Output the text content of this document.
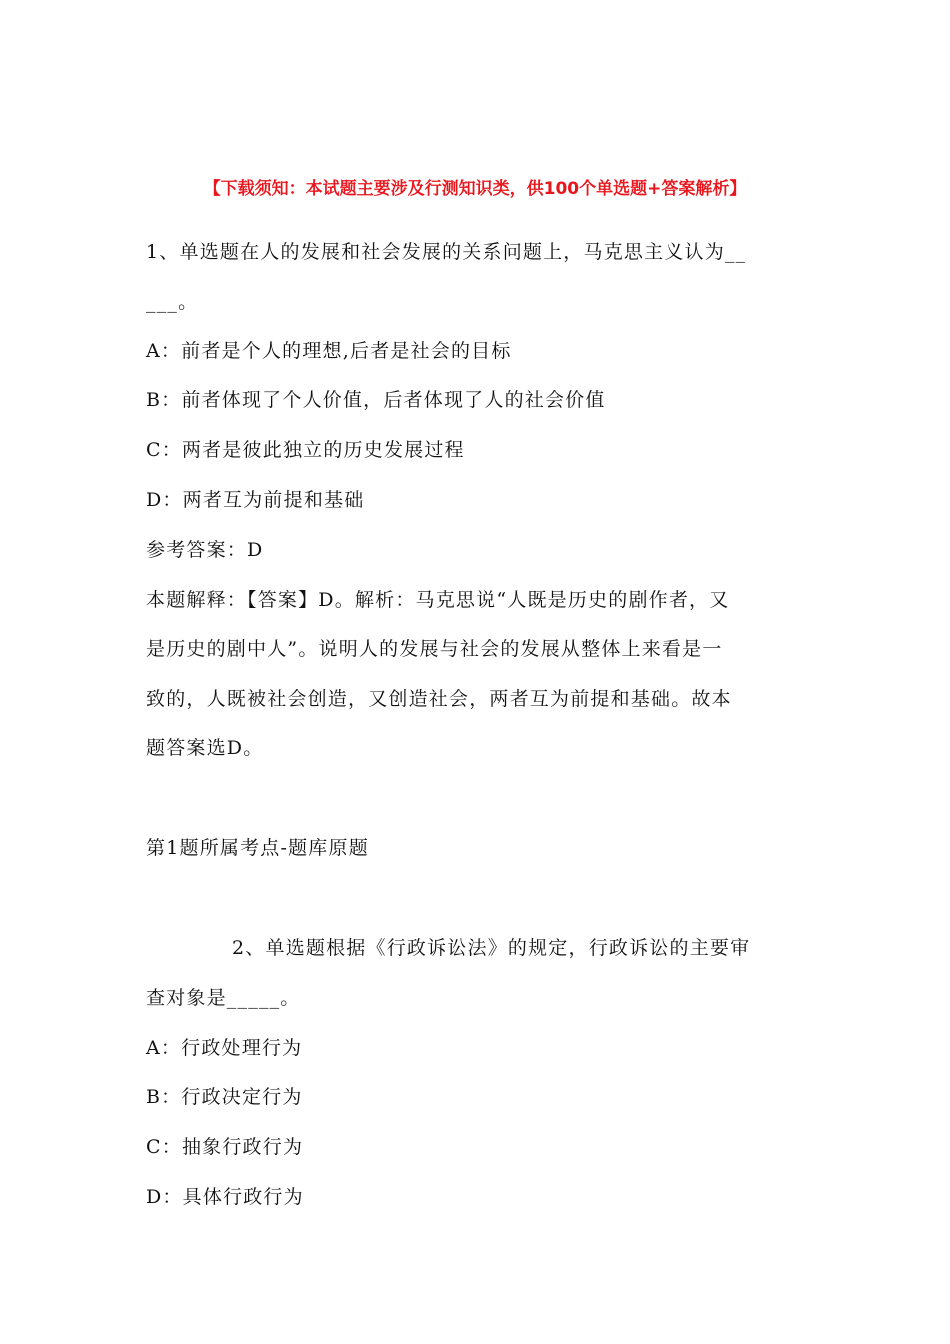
【下载须知：本试题主要涉及行测知识类，供100个单选题+答案解析】
1、单选题在人的发展和社会发展的关系问题上，马克思主义认为__
___。
A：前者是个人的理想,后者是社会的目标
B：前者体现了个人价值，后者体现了人的社会价值
C：两者是彼此独立的历史发展过程
D：两者互为前提和基础
参考答案：D
本题解释：【答案】D。解析：马克思说“人既是历史的剧作者，又
是历史的剧中人”。说明人的发展与社会的发展从整体上来看是一
致的，人既被社会创造，又创造社会，两者互为前提和基础。故本
题答案选D。
第1题所属考点-题库原题
2、单选题根据《行政诉讼法》的规定，行政诉讼的主要审
查对象是_____。
A：行政处理行为
B：行政决定行为
C：抽象行政行为
D：具体行政行为
